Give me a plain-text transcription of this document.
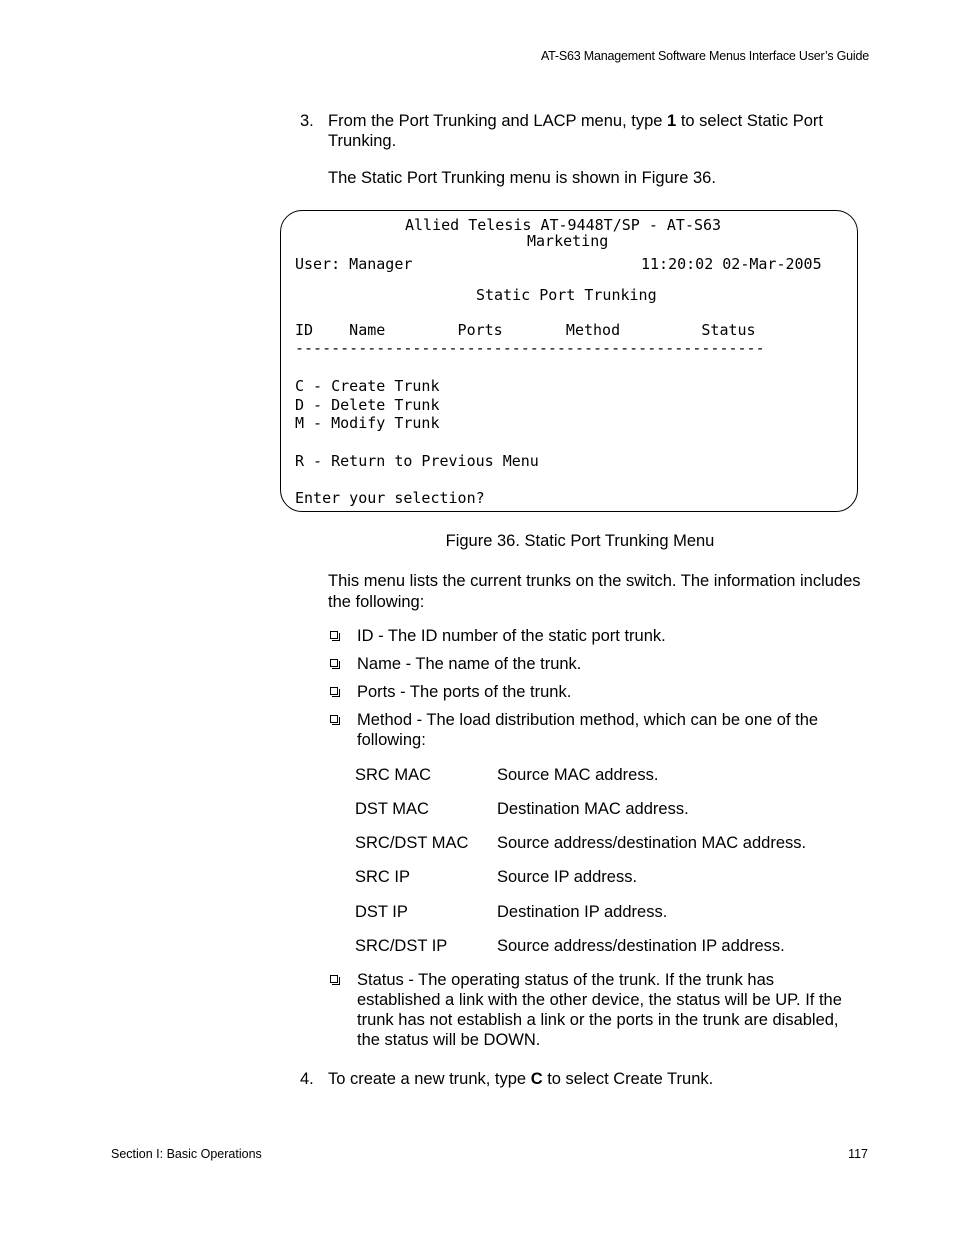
AT-S63 Management Software Menus Interface User’s Guide
3. From the Port Trunking and LACP menu, type 1 to select Static Port Trunking.
The Static Port Trunking menu is shown in Figure 36.
Allied Telesis AT-9448T/SP - AT-S63
Marketing
User: Manager	11:20:02 02-Mar-2005
Static Port Trunking
ID    Name        Ports       Method         Status
----------------------------------------------------
C - Create Trunk
D - Delete Trunk
M - Modify Trunk
R - Return to Previous Menu
Enter your selection?
Figure 36. Static Port Trunking Menu
This menu lists the current trunks on the switch. The information includes the following:
ID - The ID number of the static port trunk.
Name - The name of the trunk.
Ports - The ports of the trunk.
Method - The load distribution method, which can be one of the following:
SRC MAC	Source MAC address.
DST MAC	Destination MAC address.
SRC/DST MAC Source address/destination MAC address.
SRC IP	Source IP address.
DST IP	Destination IP address.
SRC/DST IP	Source address/destination IP address.
Status - The operating status of the trunk. If the trunk has established a link with the other device, the status will be UP. If the trunk has not establish a link or the ports in the trunk are disabled, the status will be DOWN.
4. To create a new trunk, type C to select Create Trunk.
Section I: Basic Operations	117
